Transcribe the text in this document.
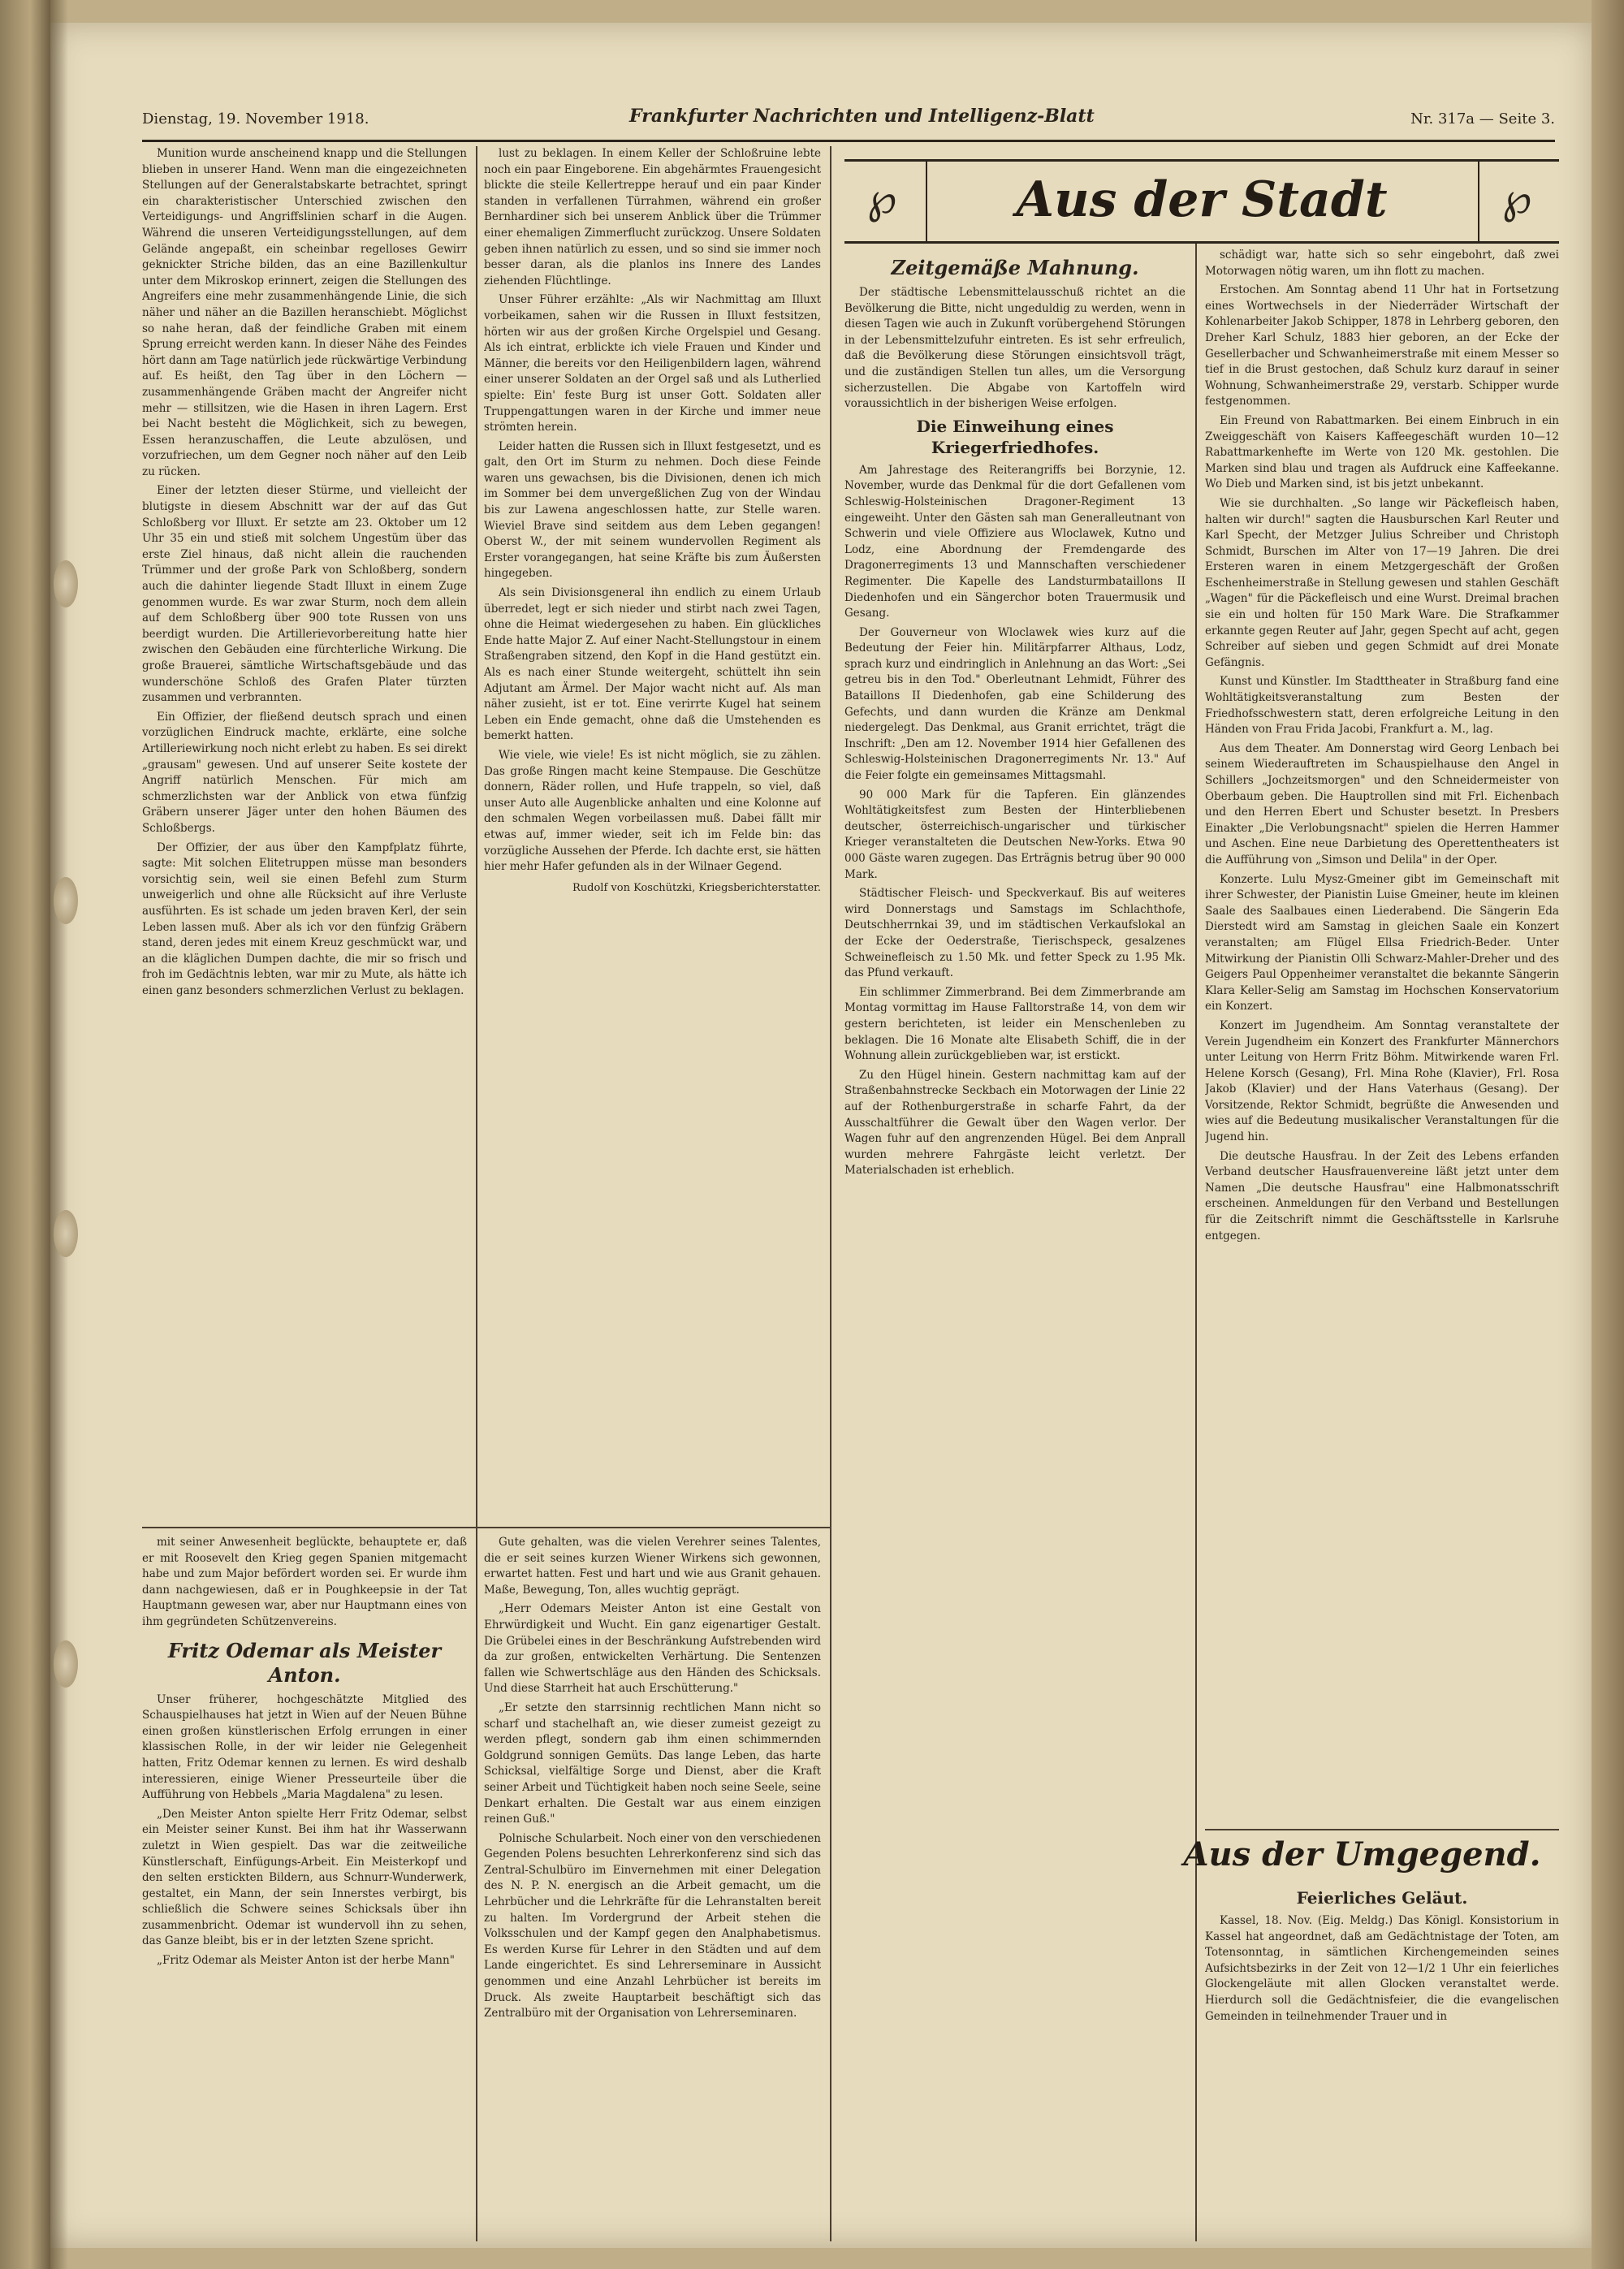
Dienstag, 19. November 1918.	Frankfurter Nachrichten und Intelligenz-Blatt	Nr. 317a — Seite 3.

Munition wurde anscheinend knapp und die Stellungen blieben in unserer Hand. Wenn man die eingezeichneten Stellungen auf der Generalstabskarte betrachtet, springt ein charakteristischer Unterschied zwischen den Verteidigungs- und Angriffslinien scharf in die Augen. Während die unseren Verteidigungsstellungen, auf dem Gelände angepaßt, ein scheinbar regelloses Gewirr geknickter Striche bilden, das an eine Bazillenkultur unter dem Mikroskop erinnert, zeigen die Stellungen des Angreifers eine mehr zusammenhängende Linie, die sich näher und näher an die Bazillen heranschiebt. Möglichst so nahe heran, daß der feindliche Graben mit einem Sprung erreicht werden kann. In dieser Nähe des Feindes hört dann am Tage natürlich jede rückwärtige Verbindung auf. Es heißt, den Tag über in den Löchern — zusammenhängende Gräben macht der Angreifer nicht mehr — stillsitzen, wie die Hasen in ihren Lagern. Erst bei Nacht besteht die Möglichkeit, sich zu bewegen, Essen heranzuschaffen, die Leute abzulösen, und vorzufriechen, um dem Gegner noch näher auf den Leib zu rücken.

Einer der letzten dieser Stürme, und vielleicht der blutigste in diesem Abschnitt war der auf das Gut Schloßberg vor Illuxt. Er setzte am 23. Oktober um 12 Uhr 35 ein und stieß mit solchem Ungestüm über das erste Ziel hinaus, daß nicht allein die rauchenden Trümmer und der große Park von Schloßberg, sondern auch die dahinter liegende Stadt Illuxt in einem Zuge genommen wurde. Es war zwar Sturm, noch dem allein auf dem Schloßberg über 900 tote Russen von uns beerdigt wurden. Die Artillerievorbereitung hatte hier zwischen den Gebäuden eine fürchterliche Wirkung. Die große Brauerei, sämtliche Wirtschaftsgebäude und das wunderschöne Schloß des Grafen Plater türzten zusammen und verbrannten.

Ein Offizier, der fließend deutsch sprach und einen vorzüglichen Eindruck machte, erklärte, eine solche Artilleriewirkung noch nicht erlebt zu haben. Es sei direkt „grausam" gewesen. Und auf unserer Seite kostete der Angriff natürlich Menschen. Für mich am schmerzlichsten war der Anblick von etwa fünfzig Gräbern unserer Jäger unter den hohen Bäumen des Schloßbergs.

Der Offizier, der aus über den Kampfplatz führte, sagte: Mit solchen Elitetruppen müsse man besonders vorsichtig sein, weil sie einen Befehl zum Sturm unweigerlich und ohne alle Rücksicht auf ihre Verluste ausführten. Es ist schade um jeden braven Kerl, der sein Leben lassen muß. Aber als ich vor den fünfzig Gräbern stand, deren jedes mit einem Kreuz geschmückt war, und an die kläglichen Dumpen dachte, die mir so frisch und froh im Gedächtnis lebten, war mir zu Mute, als hätte ich einen ganz besonders schmerzlichen Verlust zu beklagen.

lust zu beklagen. In einem Keller der Schloßruine lebte noch ein paar Eingeborene. Ein abgehärmtes Frauengesicht blickte die steile Kellertreppe herauf und ein paar Kinder standen in verfallenen Türrahmen, während ein großer Bernhardiner sich bei unserem Anblick über die Trümmer einer ehemaligen Zimmerflucht zurückzog. Unsere Soldaten geben ihnen natürlich zu essen, und so sind sie immer noch besser daran, als die planlos ins Innere des Landes ziehenden Flüchtlinge.

Unser Führer erzählte: „Als wir Nachmittag am Illuxt vorbeikamen, sahen wir die Russen in Illuxt festsitzen, hörten wir aus der großen Kirche Orgelspiel und Gesang. Als ich eintrat, erblickte ich viele Frauen und Kinder und Männer, die bereits vor den Heiligenbildern lagen, während einer unserer Soldaten an der Orgel saß und als Lutherlied spielte: Ein' feste Burg ist unser Gott. Soldaten aller Truppengattungen waren in der Kirche und immer neue strömten herein.

Leider hatten die Russen sich in Illuxt festgesetzt, und es galt, den Ort im Sturm zu nehmen. Doch diese Feinde waren uns gewachsen, bis die Divisionen, denen ich mich im Sommer bei dem unvergeßlichen Zug von der Windau bis zur Lawena angeschlossen hatte, zur Stelle waren. Wieviel Brave sind seitdem aus dem Leben gegangen! Oberst W., der mit seinem wundervollen Regiment als Erster vorangegangen, hat seine Kräfte bis zum Äußersten hingegeben.

Als sein Divisionsgeneral ihn endlich zu einem Urlaub überredet, legt er sich nieder und stirbt nach zwei Tagen, ohne die Heimat wiedergesehen zu haben. Ein glückliches Ende hatte Major Z. Auf einer Nacht-Stellungstour in einem Straßengraben sitzend, den Kopf in die Hand gestützt ein. Als es nach einer Stunde weitergeht, schüttelt ihn sein Adjutant am Ärmel. Der Major wacht nicht auf. Als man näher zusieht, ist er tot. Eine verirrte Kugel hat seinem Leben ein Ende gemacht, ohne daß die Umstehenden es bemerkt hatten.

Wie viele, wie viele! Es ist nicht möglich, sie zu zählen. Das große Ringen macht keine Stempause. Die Geschütze donnern, Räder rollen, und Hufe trappeln, so viel, daß unser Auto alle Augenblicke anhalten und eine Kolonne auf den schmalen Wegen vorbeilassen muß. Dabei fällt mir etwas auf, immer wieder, seit ich im Felde bin: das vorzügliche Aussehen der Pferde. Ich dachte erst, sie hätten hier mehr Hafer gefunden als in der Wilnaer Gegend.

Rudolf von Koschützki, Kriegsberichterstatter.

mit seiner Anwesenheit beglückte, behauptete er, daß er mit Roosevelt den Krieg gegen Spanien mitgemacht habe und zum Major befördert worden sei. Er wurde ihm dann nachgewiesen, daß er in Poughkeepsie in der Tat Hauptmann gewesen war, aber nur Hauptmann eines von ihm gegründeten Schützenvereins.

Fritz Odemar als Meister Anton.

Unser früherer, hochgeschätzte Mitglied des Schauspielhauses hat jetzt in Wien auf der Neuen Bühne einen großen künstlerischen Erfolg errungen in einer klassischen Rolle, in der wir leider nie Gelegenheit hatten, Fritz Odemar kennen zu lernen. Es wird deshalb interessieren, einige Wiener Presseurteile über die Aufführung von Hebbels „Maria Magdalena" zu lesen.

„Den Meister Anton spielte Herr Fritz Odemar, selbst ein Meister seiner Kunst. Bei ihm hat ihr Wasserwann zuletzt in Wien gespielt. Das war die zeitweiliche Künstlerschaft, Einfügungs-Arbeit. Ein Meisterkopf und den selten erstickten Bildern, aus Schnurr-Wunderwerk, gestaltet, ein Mann, der sein Innerstes verbirgt, bis schließlich die Schwere seines Schicksals über ihn zusammenbricht. Odemar ist wundervoll ihn zu sehen, das Ganze bleibt, bis er in der letzten Szene spricht.

„Fritz Odemar als Meister Anton ist der herbe Mann"

Gute gehalten, was die vielen Verehrer seines Talentes, die er seit seines kurzen Wiener Wirkens sich gewonnen, erwartet hatten. Fest und hart und wie aus Granit gehauen. Maße, Bewegung, Ton, alles wuchtig geprägt.

„Herr Odemars Meister Anton ist eine Gestalt von Ehrwürdigkeit und Wucht. Ein ganz eigenartiger Gestalt. Die Grübelei eines in der Beschränkung Aufstrebenden wird da zur großen, entwickelten Verhärtung. Die Sentenzen fallen wie Schwertschläge aus den Händen des Schicksals. Und diese Starrheit hat auch Erschütterung."

„Er setzte den starrsinnig rechtlichen Mann nicht so scharf und stachelhaft an, wie dieser zumeist gezeigt zu werden pflegt, sondern gab ihm einen schimmernden Goldgrund sonnigen Gemüts. Das lange Leben, das harte Schicksal, vielfältige Sorge und Dienst, aber die Kraft seiner Arbeit und Tüchtigkeit haben noch seine Seele, seine Denkart erhalten. Die Gestalt war aus einem einzigen reinen Guß."

Polnische Schularbeit. Noch einer von den verschiedenen Gegenden Polens besuchten Lehrerkonferenz sind sich das Zentral-Schulbüro im Einvernehmen mit einer Delegation des N. P. N. energisch an die Arbeit gemacht, um die Lehrbücher und die Lehrkräfte für die Lehranstalten bereit zu halten. Im Vordergrund der Arbeit stehen die Volksschulen und der Kampf gegen den Analphabetismus. Es werden Kurse für Lehrer in den Städten und auf dem Lande eingerichtet. Es sind Lehrerseminare in Aussicht genommen und eine Anzahl Lehrbücher ist bereits im Druck. Als zweite Hauptarbeit beschäftigt sich das Zentralbüro mit der Organisation von Lehrerseminaren.

℘	Aus der Stadt	℘

Zeitgemäße Mahnung.

Der städtische Lebensmittelausschuß richtet an die Bevölkerung die Bitte, nicht ungeduldig zu werden, wenn in diesen Tagen wie auch in Zukunft vorübergehend Störungen in der Lebensmittelzufuhr eintreten. Es ist sehr erfreulich, daß die Bevölkerung diese Störungen einsichtsvoll trägt, und die zuständigen Stellen tun alles, um die Versorgung sicherzustellen. Die Abgabe von Kartoffeln wird voraussichtlich in der bisherigen Weise erfolgen.

Die Einweihung eines Kriegerfriedhofes.

Am Jahrestage des Reiterangriffs bei Borzynie, 12. November, wurde das Denkmal für die dort Gefallenen vom Schleswig-Holsteinischen Dragoner-Regiment 13 eingeweiht. Unter den Gästen sah man Generalleutnant von Schwerin und viele Offiziere aus Wloclawek, Kutno und Lodz, eine Abordnung der Fremdengarde des Dragonerregiments 13 und Mannschaften verschiedener Regimenter. Die Kapelle des Landsturmbataillons II Diedenhofen und ein Sängerchor boten Trauermusik und Gesang.

Der Gouverneur von Wloclawek wies kurz auf die Bedeutung der Feier hin. Militärpfarrer Althaus, Lodz, sprach kurz und eindringlich in Anlehnung an das Wort: „Sei getreu bis in den Tod." Oberleutnant Lehmidt, Führer des Bataillons II Diedenhofen, gab eine Schilderung des Gefechts, und dann wurden die Kränze am Denkmal niedergelegt. Das Denkmal, aus Granit errichtet, trägt die Inschrift: „Den am 12. November 1914 hier Gefallenen des Schleswig-Holsteinischen Dragonerregiments Nr. 13." Auf die Feier folgte ein gemeinsames Mittagsmahl.

90 000 Mark für die Tapferen. Ein glänzendes Wohltätigkeitsfest zum Besten der Hinterbliebenen deutscher, österreichisch-ungarischer und türkischer Krieger veranstalteten die Deutschen New-Yorks. Etwa 90 000 Gäste waren zugegen. Das Erträgnis betrug über 90 000 Mark.

Städtischer Fleisch- und Speckverkauf. Bis auf weiteres wird Donnerstags und Samstags im Schlachthofe, Deutschherrnkai 39, und im städtischen Verkaufslokal an der Ecke der Oederstraße, Tierischspeck, gesalzenes Schweinefleisch zu 1.50 Mk. und fetter Speck zu 1.95 Mk. das Pfund verkauft.

Ein schlimmer Zimmerbrand. Bei dem Zimmerbrande am Montag vormittag im Hause Falltorstraße 14, von dem wir gestern berichteten, ist leider ein Menschenleben zu beklagen. Die 16 Monate alte Elisabeth Schiff, die in der Wohnung allein zurückgeblieben war, ist erstickt.

Zu den Hügel hinein. Gestern nachmittag kam auf der Straßenbahnstrecke Seckbach ein Motorwagen der Linie 22 auf der Rothenburgerstraße in scharfe Fahrt, da der Ausschaltführer die Gewalt über den Wagen verlor. Der Wagen fuhr auf den angrenzenden Hügel. Bei dem Anprall wurden mehrere Fahrgäste leicht verletzt. Der Materialschaden ist erheblich.

schädigt war, hatte sich so sehr eingebohrt, daß zwei Motorwagen nötig waren, um ihn flott zu machen.

Erstochen. Am Sonntag abend 11 Uhr hat in Fortsetzung eines Wortwechsels in der Niederräder Wirtschaft der Kohlenarbeiter Jakob Schipper, 1878 in Lehrberg geboren, den Dreher Karl Schulz, 1883 hier geboren, an der Ecke der Gesellerbacher und Schwanheimerstraße mit einem Messer so tief in die Brust gestochen, daß Schulz kurz darauf in seiner Wohnung, Schwanheimerstraße 29, verstarb. Schipper wurde festgenommen.

Ein Freund von Rabattmarken. Bei einem Einbruch in ein Zweiggeschäft von Kaisers Kaffeegeschäft wurden 10—12 Rabattmarkenhefte im Werte von 120 Mk. gestohlen. Die Marken sind blau und tragen als Aufdruck eine Kaffeekanne. Wo Dieb und Marken sind, ist bis jetzt unbekannt.

Wie sie durchhalten. „So lange wir Päckefleisch haben, halten wir durch!" sagten die Hausburschen Karl Reuter und Karl Specht, der Metzger Julius Schreiber und Christoph Schmidt, Burschen im Alter von 17—19 Jahren. Die drei Ersteren waren in einem Metzgergeschäft der Großen Eschenheimerstraße in Stellung gewesen und stahlen Geschäft „Wagen" für die Päckefleisch und eine Wurst. Dreimal brachen sie ein und holten für 150 Mark Ware. Die Strafkammer erkannte gegen Reuter auf Jahr, gegen Specht auf acht, gegen Schreiber auf sieben und gegen Schmidt auf drei Monate Gefängnis.

Kunst und Künstler. Im Stadttheater in Straßburg fand eine Wohltätigkeitsveranstaltung zum Besten der Friedhofsschwestern statt, deren erfolgreiche Leitung in den Händen von Frau Frida Jacobi, Frankfurt a. M., lag.

Aus dem Theater. Am Donnerstag wird Georg Lenbach bei seinem Wiederauftreten im Schauspielhause den Angel in Schillers „Jochzeitsmorgen" und den Schneidermeister von Oberbaum geben. Die Hauptrollen sind mit Frl. Eichenbach und den Herren Ebert und Schuster besetzt. In Presbers Einakter „Die Verlobungsnacht" spielen die Herren Hammer und Aschen. Eine neue Darbietung des Operettentheaters ist die Aufführung von „Simson und Delila" in der Oper.

Konzerte. Lulu Mysz-Gmeiner gibt im Gemeinschaft mit ihrer Schwester, der Pianistin Luise Gmeiner, heute im kleinen Saale des Saalbaues einen Liederabend. Die Sängerin Eda Dierstedt wird am Samstag in gleichen Saale ein Konzert veranstalten; am Flügel Ellsa Friedrich-Beder. Unter Mitwirkung der Pianistin Olli Schwarz-Mahler-Dreher und des Geigers Paul Oppenheimer veranstaltet die bekannte Sängerin Klara Keller-Selig am Samstag im Hochschen Konservatorium ein Konzert.

Konzert im Jugendheim. Am Sonntag veranstaltete der Verein Jugendheim ein Konzert des Frankfurter Männerchors unter Leitung von Herrn Fritz Böhm. Mitwirkende waren Frl. Helene Korsch (Gesang), Frl. Mina Rohe (Klavier), Frl. Rosa Jakob (Klavier) und der Hans Vaterhaus (Gesang). Der Vorsitzende, Rektor Schmidt, begrüßte die Anwesenden und wies auf die Bedeutung musikalischer Veranstaltungen für die Jugend hin.

Die deutsche Hausfrau. In der Zeit des Lebens erfanden Verband deutscher Hausfrauenvereine läßt jetzt unter dem Namen „Die deutsche Hausfrau" eine Halbmonatsschrift erscheinen. Anmeldungen für den Verband und Bestellungen für die Zeitschrift nimmt die Geschäftsstelle in Karlsruhe entgegen.

Aus der Umgegend.

Feierliches Geläut.

Kassel, 18. Nov. (Eig. Meldg.) Das Königl. Konsistorium in Kassel hat angeordnet, daß am Gedächtnistage der Toten, am Totensonntag, in sämtlichen Kirchengemeinden seines Aufsichtsbezirks in der Zeit von 12—1/2 1 Uhr ein feierliches Glockengeläute mit allen Glocken veranstaltet werde. Hierdurch soll die Gedächtnisfeier, die die evangelischen Gemeinden in teilnehmender Trauer und in
